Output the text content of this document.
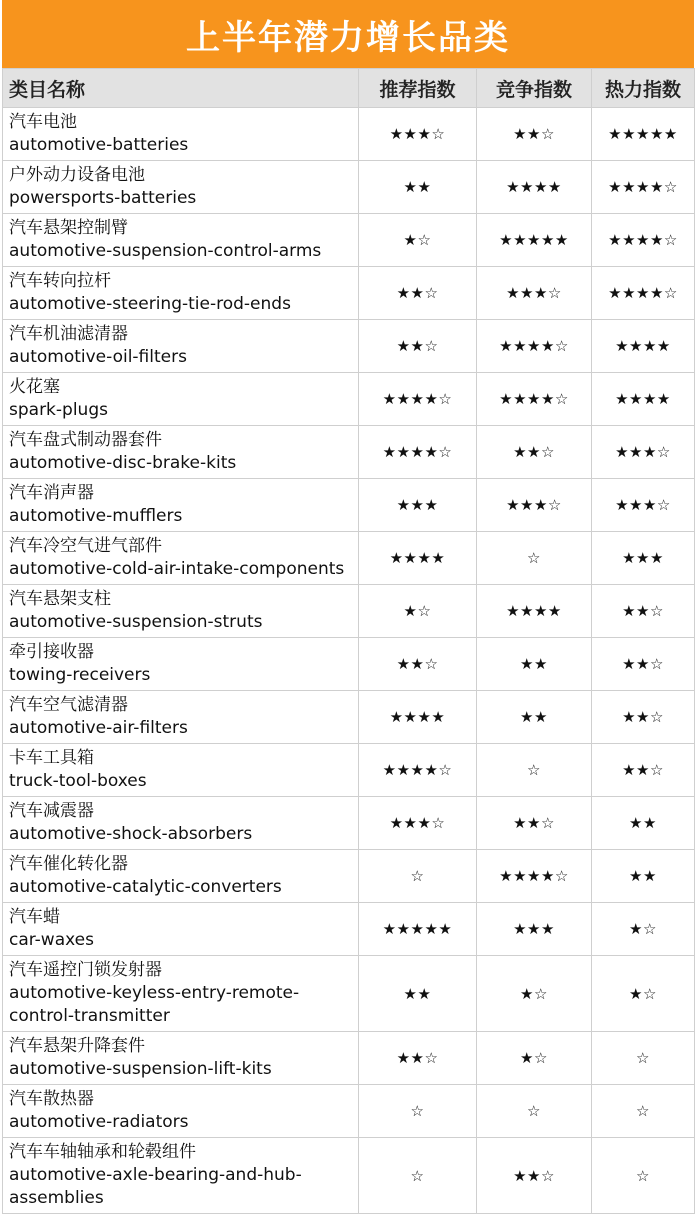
上半年潜力增长品类
类目名称	推荐指数	竞争指数	热力指数

汽车电池
automotive-batteries	★★★☆	★★☆	★★★★★

户外动力设备电池
powersports-batteries	★★	★★★★	★★★★☆

汽车悬架控制臂
automotive-suspension-control-arms	★☆	★★★★★	★★★★☆

汽车转向拉杆
automotive-steering-tie-rod-ends	★★☆	★★★☆	★★★★☆

汽车机油滤清器
automotive-oil-filters	★★☆	★★★★☆	★★★★

火花塞
spark-plugs	★★★★☆	★★★★☆	★★★★

汽车盘式制动器套件
automotive-disc-brake-kits	★★★★☆	★★☆	★★★☆

汽车消声器
automotive-mufflers	★★★	★★★☆	★★★☆

汽车冷空气进气部件
automotive-cold-air-intake-components	★★★★	☆	★★★

汽车悬架支柱
automotive-suspension-struts	★☆	★★★★	★★☆

牵引接收器
towing-receivers	★★☆	★★	★★☆

汽车空气滤清器
automotive-air-filters	★★★★	★★	★★☆

卡车工具箱
truck-tool-boxes	★★★★☆	☆	★★☆

汽车减震器
automotive-shock-absorbers	★★★☆	★★☆	★★

汽车催化转化器
automotive-catalytic-converters	☆	★★★★☆	★★

汽车蜡
car-waxes	★★★★★	★★★	★☆

汽车遥控门锁发射器
automotive-keyless-entry-remote-control-transmitter	★★	★☆	★☆

汽车悬架升降套件
automotive-suspension-lift-kits	★★☆	★☆	☆

汽车散热器
automotive-radiators	☆	☆	☆

汽车车轴轴承和轮毂组件
automotive-axle-bearing-and-hub-assemblies	☆	★★☆	☆
